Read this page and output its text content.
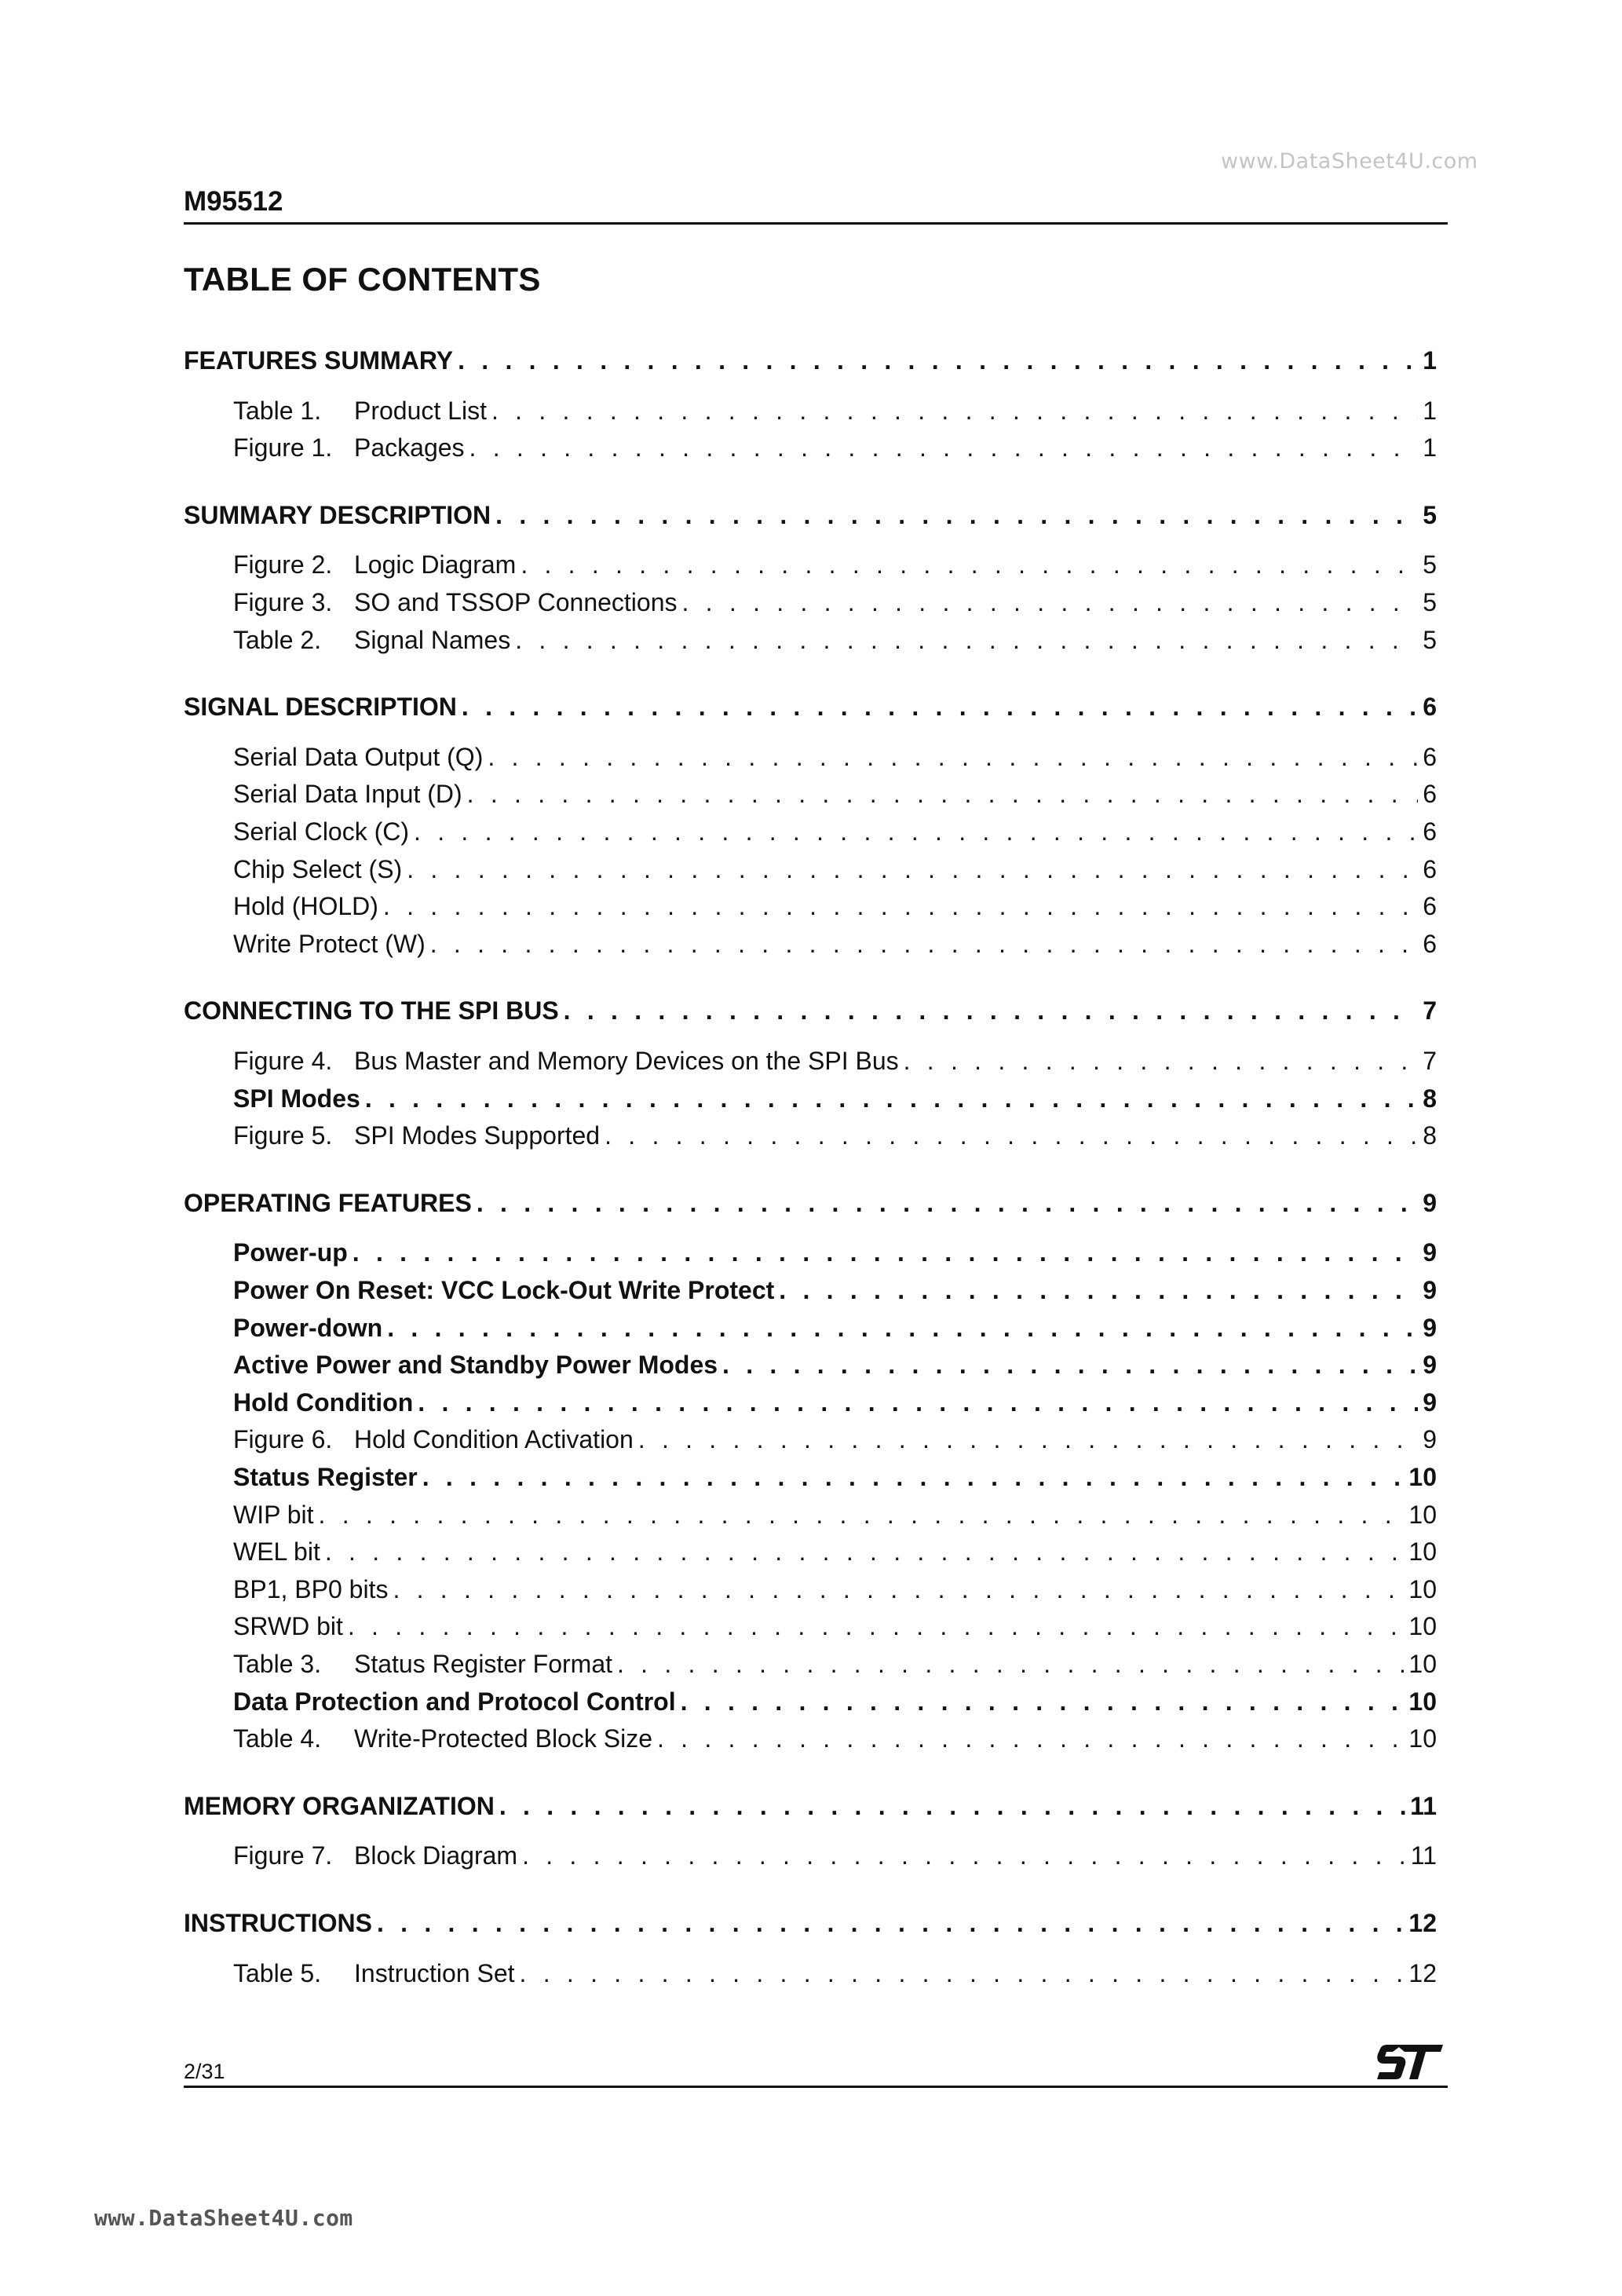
www.DataSheet4U.com
M95512
TABLE OF CONTENTS
FEATURES SUMMARY . . .	1
Table 1. Product List . . .	1
Figure 1. Packages . . .	1
SUMMARY DESCRIPTION . . .	5
Figure 2. Logic Diagram . . .	5
Figure 3. SO and TSSOP Connections . . .	5
Table 2. Signal Names . . .	5
SIGNAL DESCRIPTION . . .	6
Serial Data Output (Q) . . .	6
Serial Data Input (D) . . .	6
Serial Clock (C) . . .	6
Chip Select (S) . . .	6
Hold (HOLD) . . .	6
Write Protect (W) . . .	6
CONNECTING TO THE SPI BUS . . .	7
Figure 4. Bus Master and Memory Devices on the SPI Bus . . .	7
SPI Modes . . .	8
Figure 5. SPI Modes Supported . . .	8
OPERATING FEATURES . . .	9
Power-up . . .	9
Power On Reset: VCC Lock-Out Write Protect . . .	9
Power-down . . .	9
Active Power and Standby Power Modes . . .	9
Hold Condition . . .	9
Figure 6. Hold Condition Activation . . .	9
Status Register . . .	10
WIP bit . . .	10
WEL bit . . .	10
BP1, BP0 bits . . .	10
SRWD bit . . .	10
Table 3. Status Register Format . . .	10
Data Protection and Protocol Control . . .	10
Table 4. Write-Protected Block Size . . .	10
MEMORY ORGANIZATION . . .	11
Figure 7. Block Diagram . . .	11
INSTRUCTIONS . . .	12
Table 5. Instruction Set . . .	12
2/31
www.DataSheet4U.com
